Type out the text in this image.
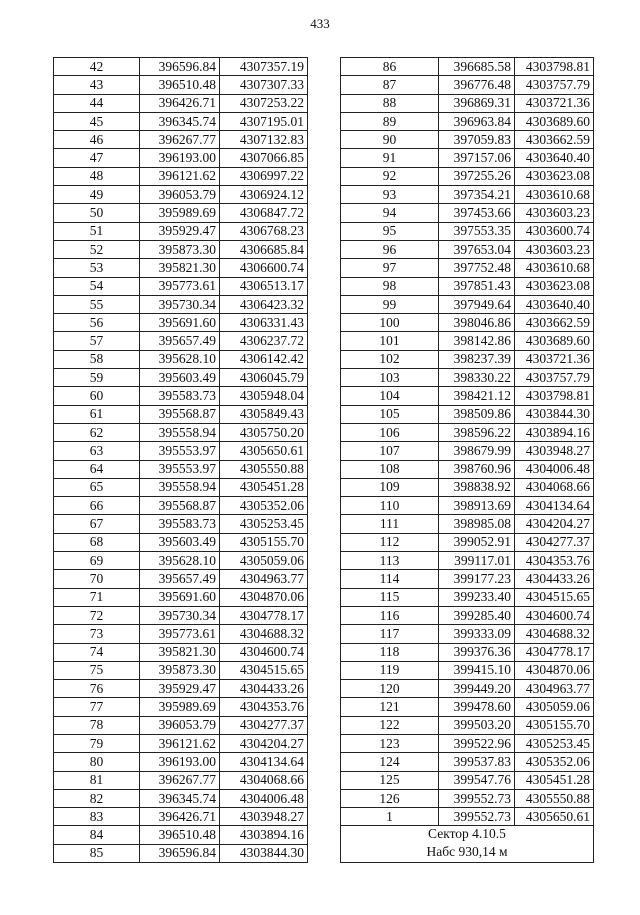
433
42	396596.84	4307357.19
43	396510.48	4307307.33
44	396426.71	4307253.22
45	396345.74	4307195.01
46	396267.77	4307132.83
47	396193.00	4307066.85
48	396121.62	4306997.22
49	396053.79	4306924.12
50	395989.69	4306847.72
51	395929.47	4306768.23
52	395873.30	4306685.84
53	395821.30	4306600.74
54	395773.61	4306513.17
55	395730.34	4306423.32
56	395691.60	4306331.43
57	395657.49	4306237.72
58	395628.10	4306142.42
59	395603.49	4306045.79
60	395583.73	4305948.04
61	395568.87	4305849.43
62	395558.94	4305750.20
63	395553.97	4305650.61
64	395553.97	4305550.88
65	395558.94	4305451.28
66	395568.87	4305352.06
67	395583.73	4305253.45
68	395603.49	4305155.70
69	395628.10	4305059.06
70	395657.49	4304963.77
71	395691.60	4304870.06
72	395730.34	4304778.17
73	395773.61	4304688.32
74	395821.30	4304600.74
75	395873.30	4304515.65
76	395929.47	4304433.26
77	395989.69	4304353.76
78	396053.79	4304277.37
79	396121.62	4304204.27
80	396193.00	4304134.64
81	396267.77	4304068.66
82	396345.74	4304006.48
83	396426.71	4303948.27
84	396510.48	4303894.16
85	396596.84	4303844.30
86	396685.58	4303798.81
87	396776.48	4303757.79
88	396869.31	4303721.36
89	396963.84	4303689.60
90	397059.83	4303662.59
91	397157.06	4303640.40
92	397255.26	4303623.08
93	397354.21	4303610.68
94	397453.66	4303603.23
95	397553.35	4303600.74
96	397653.04	4303603.23
97	397752.48	4303610.68
98	397851.43	4303623.08
99	397949.64	4303640.40
100	398046.86	4303662.59
101	398142.86	4303689.60
102	398237.39	4303721.36
103	398330.22	4303757.79
104	398421.12	4303798.81
105	398509.86	4303844.30
106	398596.22	4303894.16
107	398679.99	4303948.27
108	398760.96	4304006.48
109	398838.92	4304068.66
110	398913.69	4304134.64
111	398985.08	4304204.27
112	399052.91	4304277.37
113	399117.01	4304353.76
114	399177.23	4304433.26
115	399233.40	4304515.65
116	399285.40	4304600.74
117	399333.09	4304688.32
118	399376.36	4304778.17
119	399415.10	4304870.06
120	399449.20	4304963.77
121	399478.60	4305059.06
122	399503.20	4305155.70
123	399522.96	4305253.45
124	399537.83	4305352.06
125	399547.76	4305451.28
126	399552.73	4305550.88
1	399552.73	4305650.61

Сектор 4.10.5
Набс 930,14 м		
